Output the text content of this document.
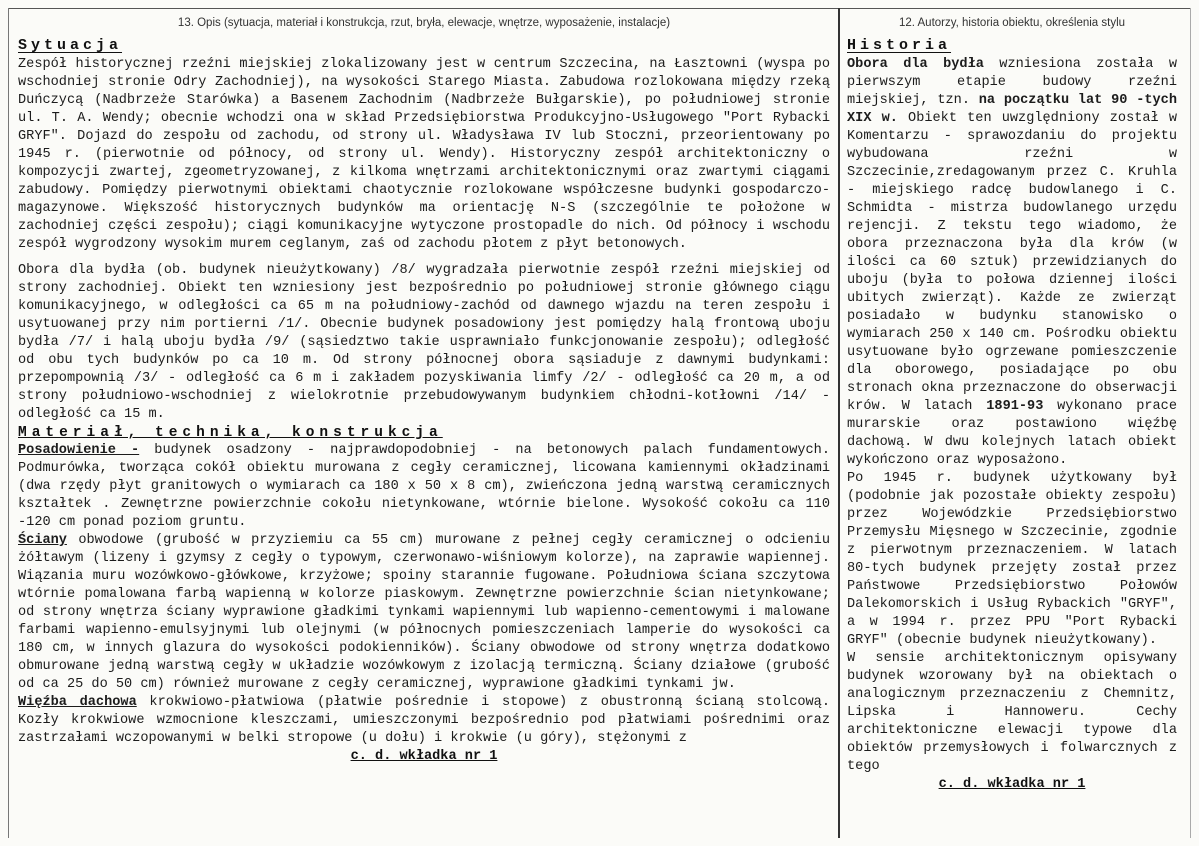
13. Opis (sytuacja, materiał i konstrukcja, rzut, bryła, elewacje, wnętrze, wyposażenie, instalacje)
Sytuacja

Zespół historycznej rzeźni miejskiej zlokalizowany jest w centrum Szczecina, na Łasztowni (wyspa po wschodniej stronie Odry Zachodniej), na wysokości Starego Miasta. Zabudowa rozlokowana między rzeką Duńczycą (Nadbrzeże Starówka) a Basenem Zachodnim (Nadbrzeże Bułgarskie), po południowej stronie ul. T. A. Wendy; obecnie wchodzi ona w skład Przedsiębiorstwa Produkcyjno-Usługowego "Port Rybacki GRYF". Dojazd do zespołu od zachodu, od strony ul. Władysława IV lub Stoczni, przeorientowany po 1945 r. (pierwotnie od północy, od strony ul. Wendy). Historyczny zespół architektoniczny o kompozycji zwartej, zgeometryzowanej, z kilkoma wnętrzami architektonicznymi oraz zwartymi ciągami zabudowy. Pomiędzy pierwotnymi obiektami chaotycznie rozlokowane współczesne budynki gospodarczo-magazynowe. Większość historycznych budynków ma orientację N-S (szczególnie te położone w zachodniej części zespołu); ciągi komunikacyjne wytyczone prostopadle do nich. Od północy i wschodu zespół wygrodzony wysokim murem ceglanym, zaś od zachodu płotem z płyt betonowych.

Obora dla bydła (ob. budynek nieużytkowany) /8/ wygradzała pierwotnie zespół rzeźni miejskiej od strony zachodniej. Obiekt ten wzniesiony jest bezpośrednio po południowej stronie głównego ciągu komunikacyjnego, w odległości ca 65 m na południowy-zachód od dawnego wjazdu na teren zespołu i usytuowanej przy nim portierni /1/. Obecnie budynek posadowiony jest pomiędzy halą frontową uboju bydła /7/ i halą uboju bydła /9/ (sąsiedztwo takie usprawniało funkcjonowanie zespołu); odległość od obu tych budynków po ca 10 m. Od strony północnej obora sąsiaduje z dawnymi budynkami: przepompownią /3/ - odległość ca 6 m i zakładem pozyskiwania limfy /2/ - odległość ca 20 m, a od strony południowo-wschodniej z wielokrotnie przebudowywanym budynkiem chłodni-kotłowni /14/ - odległość ca 15 m.

Materiał, technika, konstrukcja

Posadowienie - budynek osadzony - najprawdopodobniej - na betonowych palach fundamentowych. Podmurówka, tworząca cokół obiektu murowana z cegły ceramicznej, licowana kamiennymi okładzinami (dwa rzędy płyt granitowych o wymiarach ca 180 x 50 x 8 cm), zwieńczona jedną warstwą ceramicznych kształtek . Zewnętrzne powierzchnie cokołu nietynkowane, wtórnie bielone. Wysokość cokołu ca 110 -120 cm ponad poziom gruntu.

Ściany obwodowe (grubość w przyziemiu ca 55 cm) murowane z pełnej cegły ceramicznej o odcieniu żółtawym (lizeny i gzymsy z cegły o typowym, czerwonawo-wiśniowym kolorze), na zaprawie wapiennej. Wiązania muru wozówkowo-główkowe, krzyżowe; spoiny starannie fugowane. Południowa ściana szczytowa wtórnie pomalowana farbą wapienną w kolorze piaskowym. Zewnętrzne powierzchnie ścian nietynkowane; od strony wnętrza ściany wyprawione gładkimi tynkami wapiennymi lub wapienno-cementowymi i malowane farbami wapienno-emulsyjnymi lub olejnymi (w północnych pomieszczeniach lamperie do wysokości ca 180 cm, w innych glazura do wysokości podokienników). Ściany obwodowe od strony wnętrza dodatkowo obmurowane jedną warstwą cegły w układzie wozówkowym z izolacją termiczną. Ściany działowe (grubość od ca 25 do 50 cm) również murowane z cegły ceramicznej, wyprawione gładkimi tynkami jw.

Więźba dachowa krokwiowo-płatwiowa (płatwie pośrednie i stopowe) z obustronną ścianą stolcową. Kozły krokwiowe wzmocnione kleszczami, umieszczonymi bezpośrednio pod płatwiami pośrednimi oraz zastrzałami wczopowanymi w belki stropowe (u dołu) i krokwie (u góry), stężonymi z

c. d. wkładka nr 1
12. Autorzy, historia obiektu, określenia stylu
Historia

Obora dla bydła wzniesiona została w pierwszym etapie budowy rzeźni miejskiej, tzn. na początku lat 90 -tych XIX w. Obiekt ten uwzględniony został w Komentarzu - sprawozdaniu do projektu wybudowana rzeźni w Szczecinie,zredagowanym przez C. Kruhla - miejskiego radcę budowlanego i C. Schmidta - mistrza budowlanego urzędu rejencji. Z tekstu tego wiadomo, że obora przeznaczona była dla krów (w ilości ca 60 sztuk) przewidzianych do uboju (była to połowa dziennej ilości ubitych zwierząt). Każde ze zwierząt posiadało w budynku stanowisko o wymiarach 250 x 140 cm. Pośrodku obiektu usytuowane było ogrzewane pomieszczenie dla oborowego, posiadające po obu stronach okna przeznaczone do obserwacji krów. W latach 1891-93 wykonano prace murarskie oraz postawiono więźbę dachową. W dwu kolejnych latach obiekt wykończono oraz wyposażono.

Po 1945 r. budynek użytkowany był (podobnie jak pozostałe obiekty zespołu) przez Wojewódzkie Przedsiębiorstwo Przemysłu Mięsnego w Szczecinie, zgodnie z pierwotnym przeznaczeniem. W latach 80-tych budynek przejęty został przez Państwowe Przedsiębiorstwo Połowów Dalekomorskich i Usług Rybackich "GRYF", a w 1994 r. przez PPU "Port Rybacki GRYF" (obecnie budynek nieużytkowany).

W sensie architektonicznym opisywany budynek wzorowany był na obiektach o analogicznym przeznaczeniu z Chemnitz, Lipska i Hannoweru. Cechy architektoniczne elewacji typowe dla obiektów przemysłowych i folwarcznych z tego

c. d. wkładka nr 1
